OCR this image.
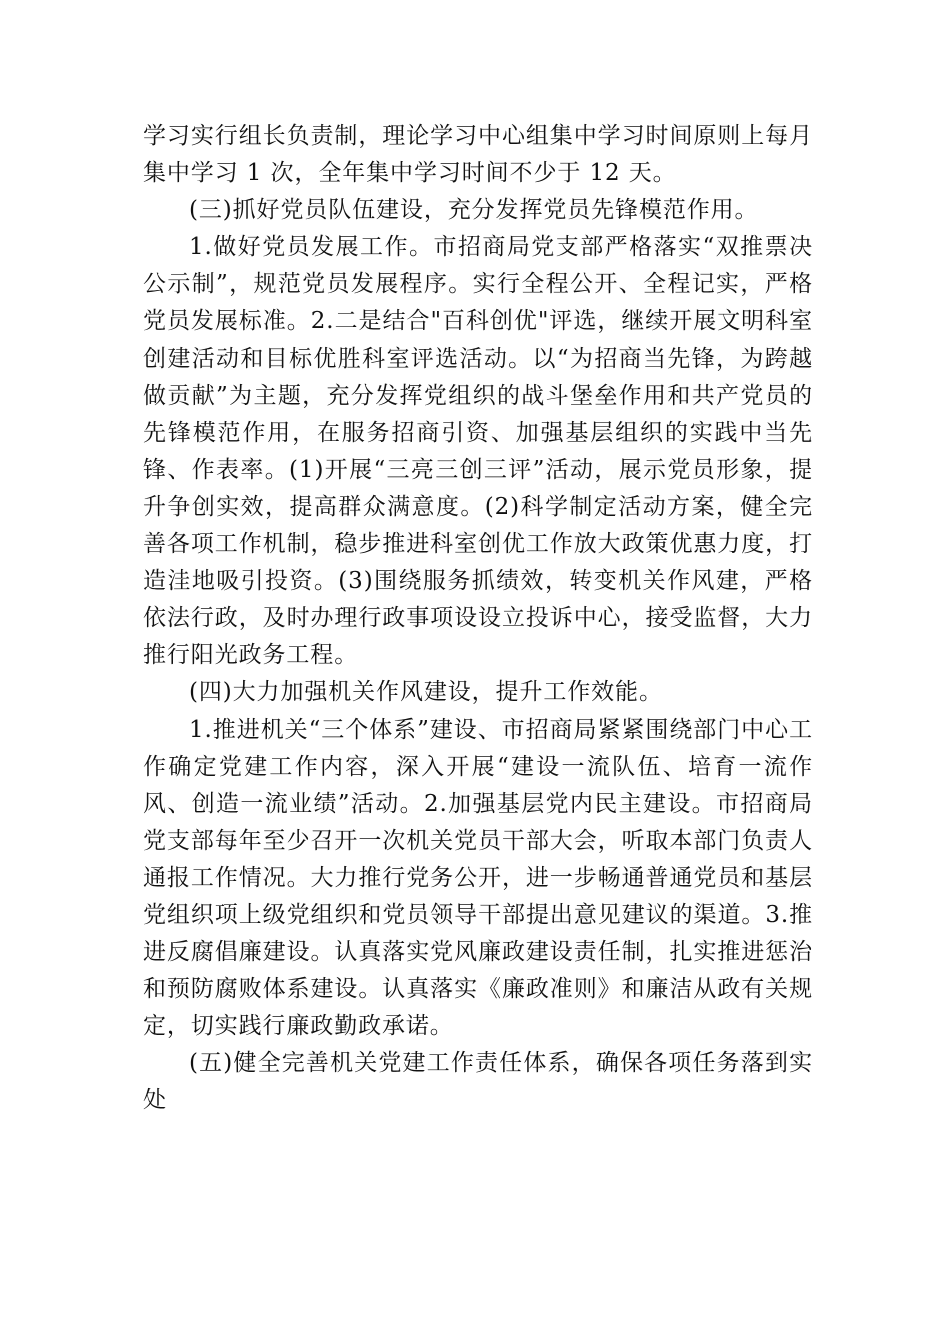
学习实行组长负责制，理论学习中心组集中学习时间原则上每月集中学习 1 次，全年集中学习时间不少于 12 天。

(三)抓好党员队伍建设，充分发挥党员先锋模范作用。

1.做好党员发展工作。市招商局党支部严格落实“双推票决公示制”，规范党员发展程序。实行全程公开、全程记实，严格党员发展标准。2.二是结合"百科创优"评选，继续开展文明科室创建活动和目标优胜科室评选活动。以“为招商当先锋，为跨越做贡献”为主题，充分发挥党组织的战斗堡垒作用和共产党员的先锋模范作用，在服务招商引资、加强基层组织的实践中当先锋、作表率。(1)开展“三亮三创三评”活动，展示党员形象，提升争创实效，提高群众满意度。(2)科学制定活动方案，健全完善各项工作机制，稳步推进科室创优工作放大政策优惠力度，打造洼地吸引投资。(3)围绕服务抓绩效，转变机关作风建，严格依法行政，及时办理行政事项设设立投诉中心，接受监督，大力推行阳光政务工程。

(四)大力加强机关作风建设，提升工作效能。

1.推进机关“三个体系”建设、市招商局紧紧围绕部门中心工作确定党建工作内容，深入开展“建设一流队伍、培育一流作风、创造一流业绩”活动。2.加强基层党内民主建设。市招商局党支部每年至少召开一次机关党员干部大会，听取本部门负责人通报工作情况。大力推行党务公开，进一步畅通普通党员和基层党组织项上级党组织和党员领导干部提出意见建议的渠道。3.推进反腐倡廉建设。认真落实党风廉政建设责任制，扎实推进惩治和预防腐败体系建设。认真落实《廉政准则》和廉洁从政有关规定，切实践行廉政勤政承诺。

(五)健全完善机关党建工作责任体系，确保各项任务落到实处
